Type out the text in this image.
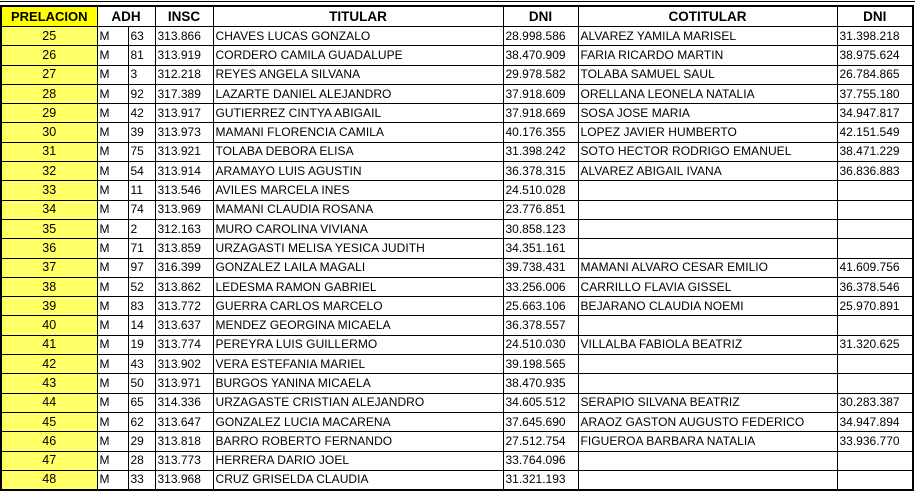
PRELACION	ADH		INSC	TITULAR	DNI	COTITULAR	DNI
25	M	63	313.866	CHAVES LUCAS GONZALO	28.998.586	ALVAREZ YAMILA MARISEL	31.398.218
26	M	81	313.919	CORDERO CAMILA GUADALUPE	38.470.909	FARIA RICARDO MARTIN	38.975.624
27	M	3	312.218	REYES ANGELA SILVANA	29.978.582	TOLABA SAMUEL SAUL	26.784.865
28	M	92	317.389	LAZARTE DANIEL ALEJANDRO	37.918.609	ORELLANA LEONELA NATALIA	37.755.180
29	M	42	313.917	GUTIERREZ CINTYA ABIGAIL	37.918.669	SOSA JOSE MARIA	34.947.817
30	M	39	313.973	MAMANI FLORENCIA CAMILA	40.176.355	LOPEZ JAVIER HUMBERTO	42.151.549
31	M	75	313.921	TOLABA DEBORA ELISA	31.398.242	SOTO HECTOR RODRIGO EMANUEL	38.471.229
32	M	54	313.914	ARAMAYO LUIS AGUSTIN	36.378.315	ALVAREZ ABIGAIL IVANA	36.836.883
33	M	11	313.546	AVILES MARCELA INES	24.510.028		
34	M	74	313.969	MAMANI CLAUDIA ROSANA	23.776.851		
35	M	2	312.163	MURO CAROLINA VIVIANA	30.858.123		
36	M	71	313.859	URZAGASTI MELISA YESICA JUDITH	34.351.161		
37	M	97	316.399	GONZALEZ LAILA MAGALI	39.738.431	MAMANI ALVARO CESAR EMILIO	41.609.756
38	M	52	313.862	LEDESMA RAMON GABRIEL	33.256.006	CARRILLO FLAVIA GISSEL	36.378.546
39	M	83	313.772	GUERRA CARLOS MARCELO	25.663.106	BEJARANO CLAUDIA NOEMI	25.970.891
40	M	14	313.637	MENDEZ GEORGINA MICAELA	36.378.557		
41	M	19	313.774	PEREYRA LUIS GUILLERMO	24.510.030	VILLALBA FABIOLA BEATRIZ	31.320.625
42	M	43	313.902	VERA ESTEFANIA MARIEL	39.198.565		
43	M	50	313.971	BURGOS YANINA MICAELA	38.470.935		
44	M	65	314.336	URZAGASTE CRISTIAN ALEJANDRO	34.605.512	SERAPIO SILVANA BEATRIZ	30.283.387
45	M	62	313.647	GONZALEZ LUCIA MACARENA	37.645.690	ARAOZ GASTON AUGUSTO FEDERICO	34.947.894
46	M	29	313.818	BARRO ROBERTO FERNANDO	27.512.754	FIGUEROA BARBARA NATALIA	33.936.770
47	M	28	313.773	HERRERA DARIO JOEL	33.764.096		
48	M	33	313.968	CRUZ GRISELDA CLAUDIA	31.321.193		
